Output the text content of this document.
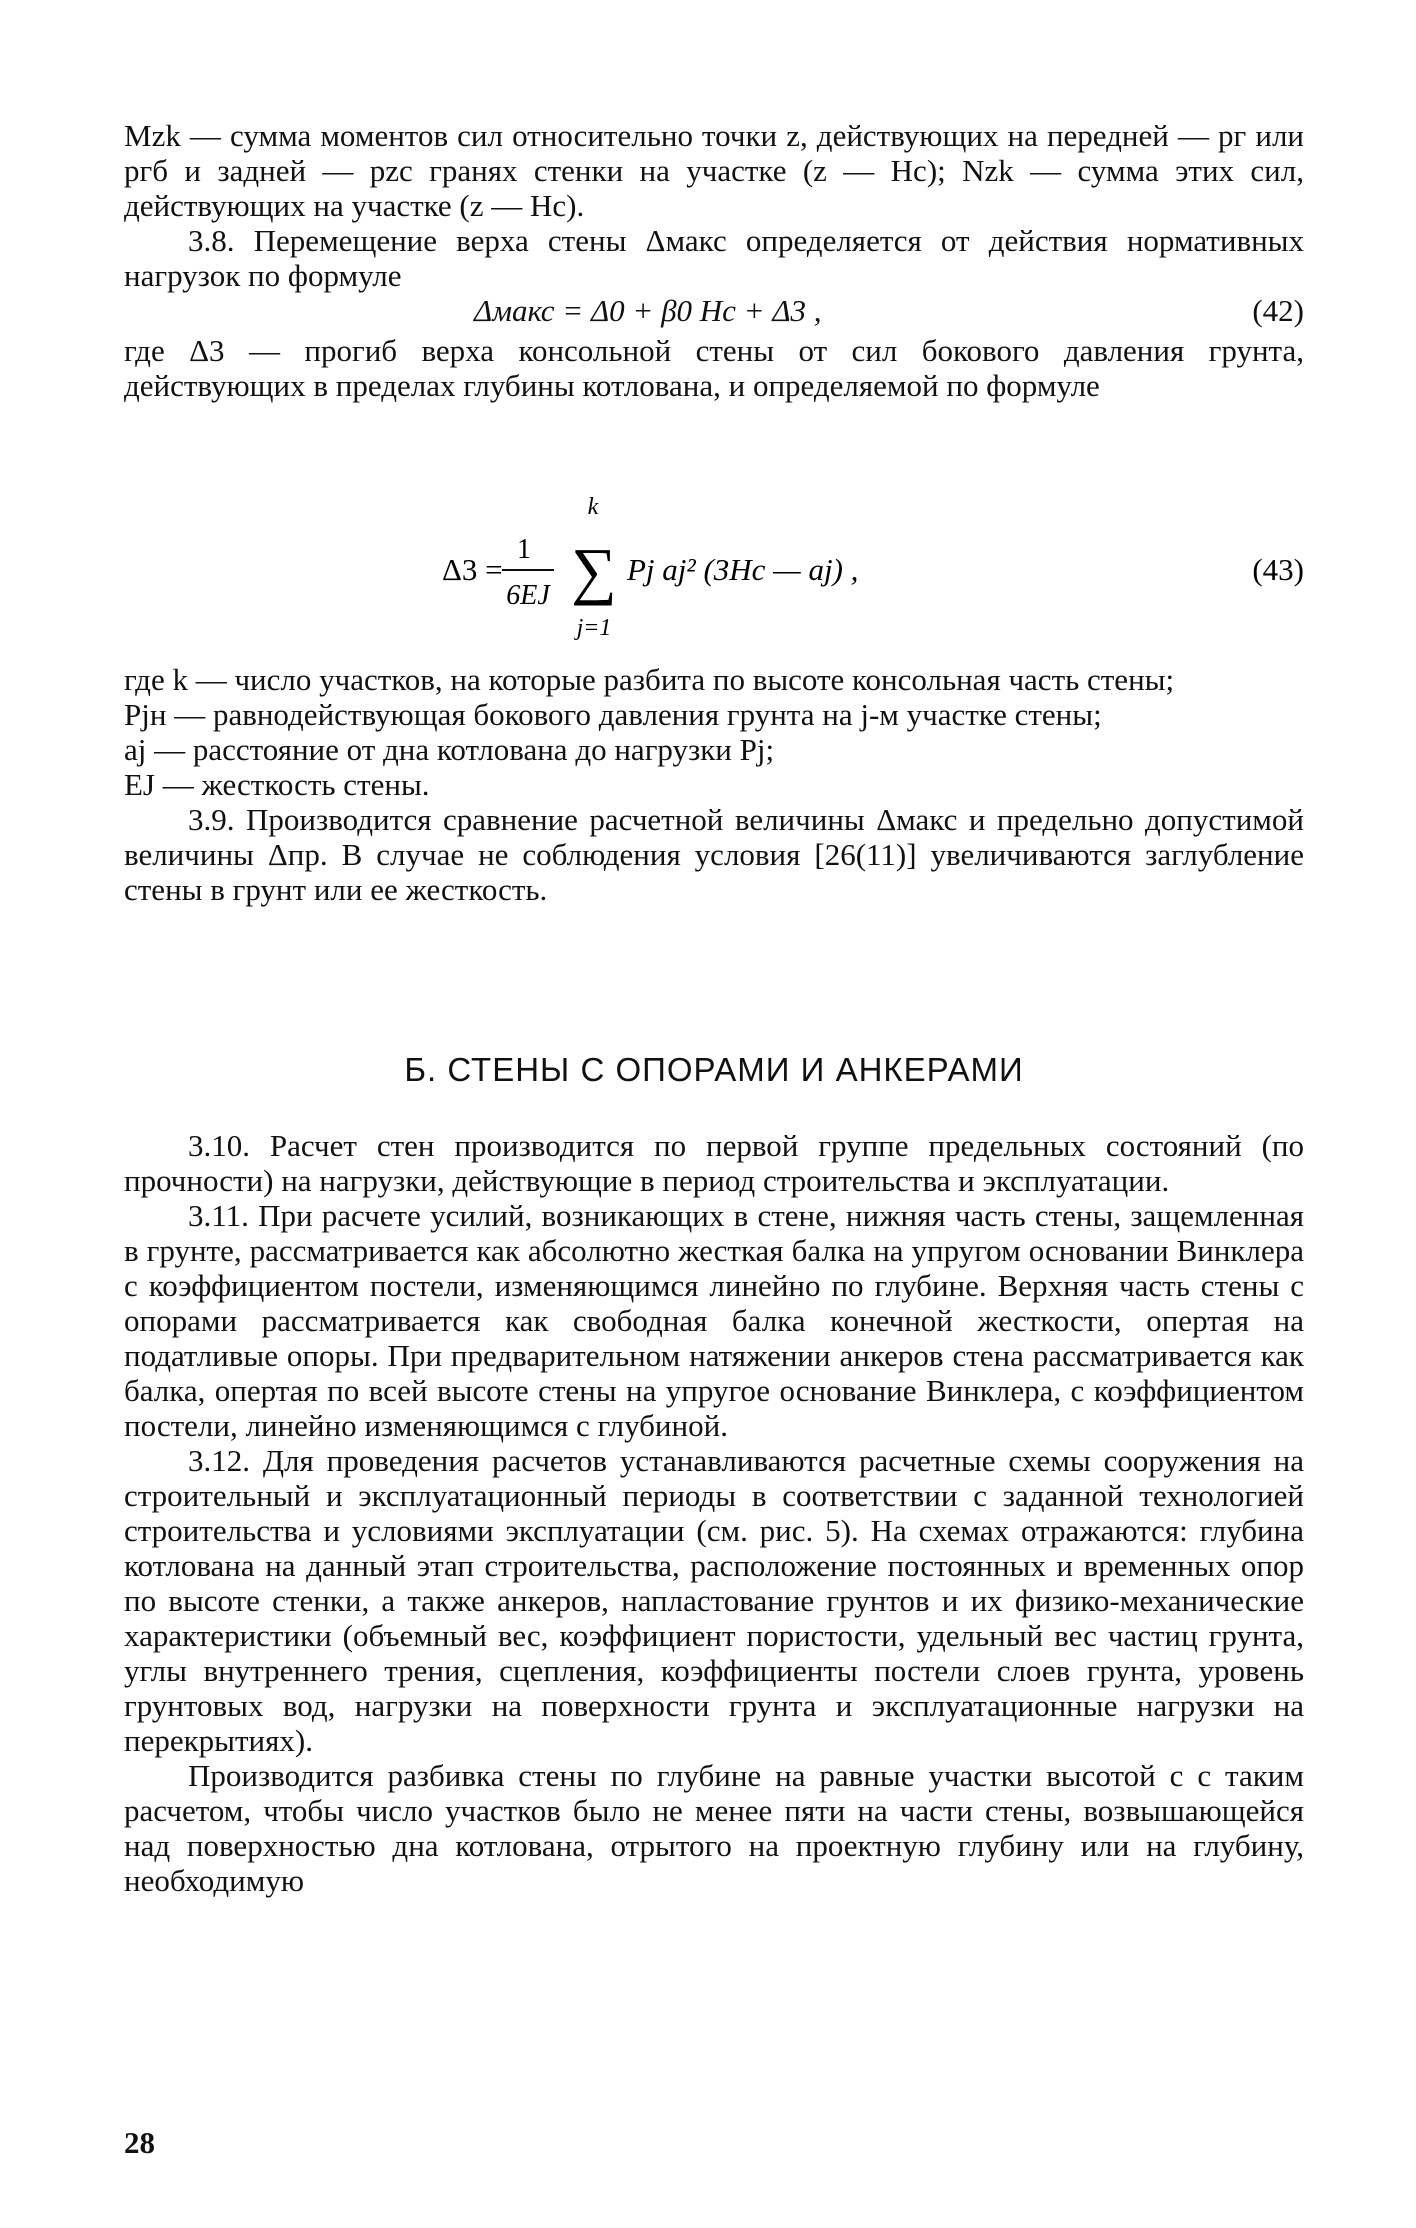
Mzk — сумма моментов сил относительно точки z, действующих на передней — pг или pгб и задней — pzc гранях стенки на участке (z — Hc); Nzk — сумма этих сил, действующих на участке (z — Hc).

3.8. Перемещение верха стены Δмакс определяется от действия нормативных нагрузок по формуле

Δмакс = Δ0 + β0 Hc + Δ3 ,	(42)

где Δ3 — прогиб верха консольной стены от сил бокового давления грунта, действующих в пределах глубины котлована, и определяемой по формуле

Δ3 =
1
6EJ
k
∑
j=1
Pj aj² (3Hc — aj) ,	(43)

где k — число участков, на которые разбита по высоте консольная часть стены;

Pjн — равнодействующая бокового давления грунта на j-м участке стены;

aj — расстояние от дна котлована до нагрузки Pj;

EJ — жесткость стены.

3.9. Производится сравнение расчетной величины Δмакс и предельно допустимой величины Δпр. В случае не соблюдения условия [26(11)] увеличиваются заглубление стены в грунт или ее жесткость.

Б. СТЕНЫ С ОПОРАМИ И АНКЕРАМИ

3.10. Расчет стен производится по первой группе предельных состояний (по прочности) на нагрузки, действующие в период строительства и эксплуатации.

3.11. При расчете усилий, возникающих в стене, нижняя часть стены, защемленная в грунте, рассматривается как абсолютно жесткая балка на упругом основании Винклера с коэффициентом постели, изменяющимся линейно по глубине. Верхняя часть стены с опорами рассматривается как свободная балка конечной жесткости, опертая на податливые опоры. При предварительном натяжении анкеров стена рассматривается как балка, опертая по всей высоте стены на упругое основание Винклера, с коэффициентом постели, линейно изменяющимся с глубиной.

3.12. Для проведения расчетов устанавливаются расчетные схемы сооружения на строительный и эксплуатационный периоды в соответствии с заданной технологией строительства и условиями эксплуатации (см. рис. 5). На схемах отражаются: глубина котлована на данный этап строительства, расположение постоянных и временных опор по высоте стенки, а также анкеров, напластование грунтов и их физико-механические характеристики (объемный вес, коэффициент пористости, удельный вес частиц грунта, углы внутреннего трения, сцепления, коэффициенты постели слоев грунта, уровень грунтовых вод, нагрузки на поверхности грунта и эксплуатационные нагрузки на перекрытиях).

Производится разбивка стены по глубине на равные участки высотой с с таким расчетом, чтобы число участков было не менее пяти на части стены, возвышающейся над поверхностью дна котлована, отрытого на проектную глубину или на глубину, необходимую

28
